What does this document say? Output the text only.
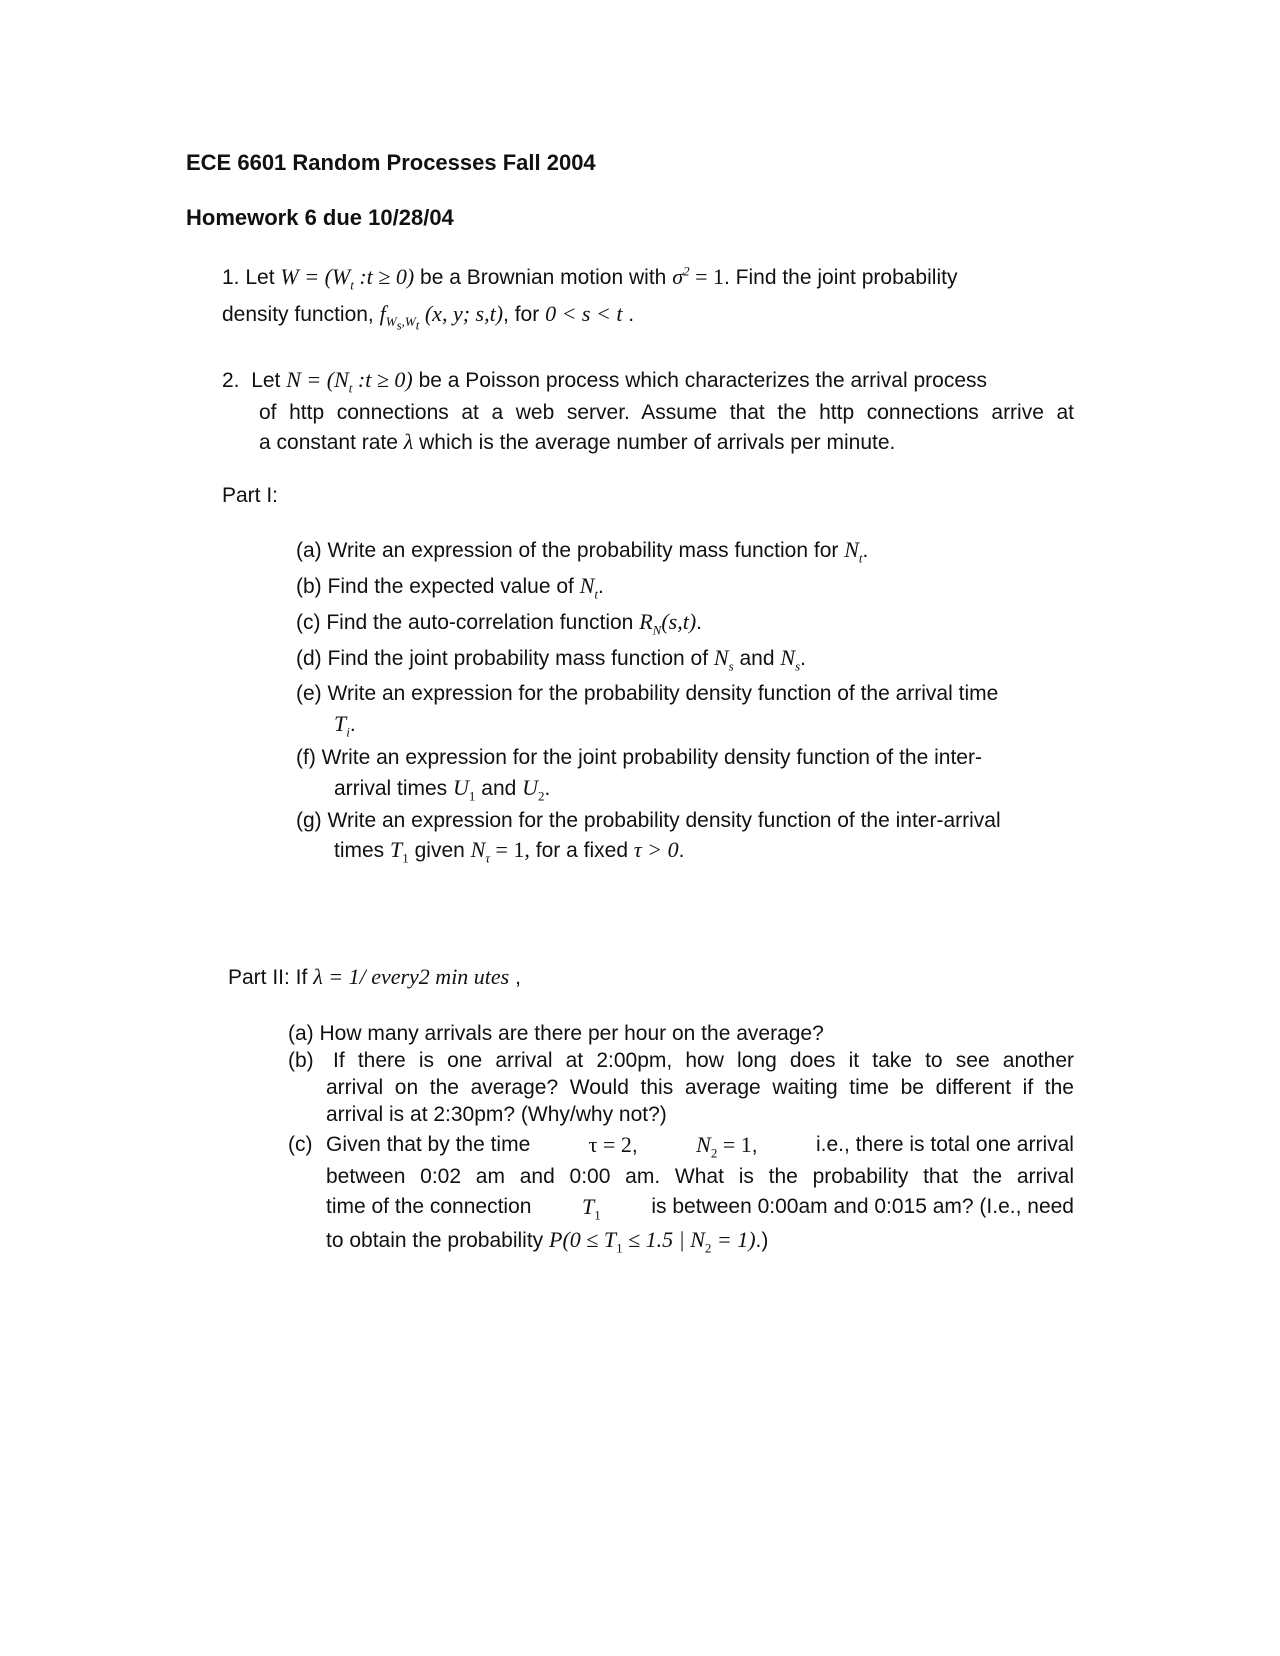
ECE 6601 Random Processes Fall 2004
Homework 6 due 10/28/04
1. Let $W = (W_t$ :t ≥ 0) be a Brownian motion with $\sigma^2 = 1$. Find the joint probability
density function, $f_{W_s,W_t}$ (x, y; s,t), for 0 < s < t .
2. Let $N = (N_t$ :t ≥ 0) be a Poisson process which characterizes the arrival process
of http connections at a web server. Assume that the http connections arrive at
a constant rate λ which is the average number of arrivals per minute.
Part I:
(a) Write an expression of the probability mass function for $N_t$.
(b) Find the expected value of $N_t$.
(c) Find the auto-correlation function $R_N(s,t)$.
(d) Find the joint probability mass function of $N_s$ and $N_s$.
(e) Write an expression for the probability density function of the arrival time
$T_i$.
(f) Write an expression for the joint probability density function of the inter-
arrival times $U_1$ and $U_2$.
(g) Write an expression for the probability density function of the inter-arrival
times $T_1$ given $N_\tau = 1$, for a fixed τ > 0.
Part II: If λ = 1/ every2 min utes ,
(a) How many arrivals are there per hour on the average?
(b) If there is one arrival at 2:00pm, how long does it take to see another
arrival on the average? Would this average waiting time be different if the
arrival is at 2:30pm? (Why/why not?)
(c) Given that by the time	τ = 2,	$N_2 = 1$,	i.e., there is total one arrival
between 0:02 am and 0:00 am. What is the probability that the arrival
time of the connection $T_1$ is between 0:00am and 0:015 am? (I.e., need
to obtain the probability $P(0 \le T_1 \le 1.5$ | $N_2 = 1$).)
